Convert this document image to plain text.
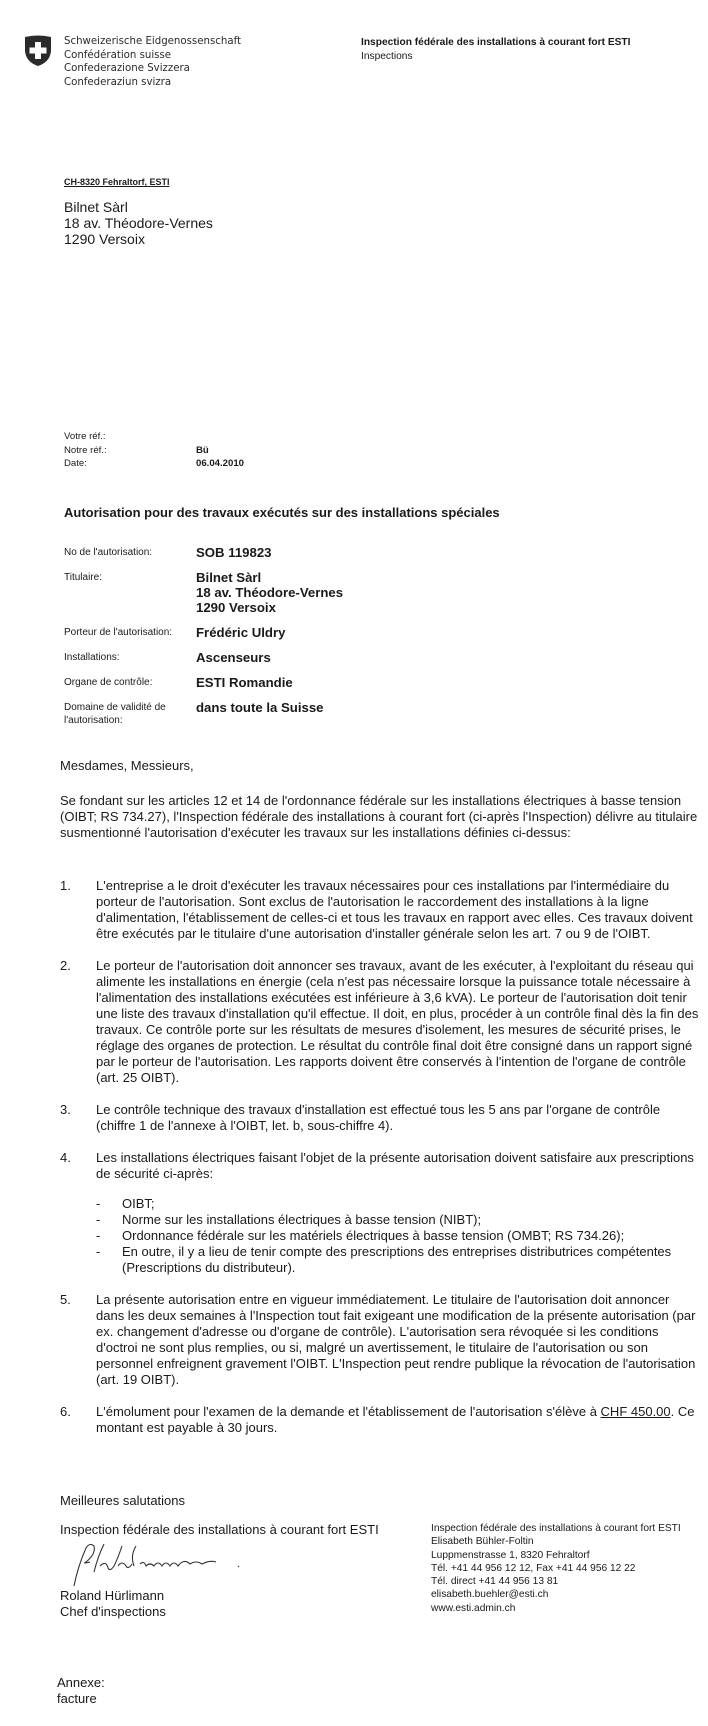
Schweizerische Eidgenossenschaft
Confédération suisse
Confederazione Svizzera
Confederaziun svizra
Inspection fédérale des installations à courant fort ESTI
Inspections
CH-8320 Fehraltorf, ESTI
Bilnet Sàrl
18 av. Théodore-Vernes
1290 Versoix
Votre réf.:
Notre réf.:	Bü
Date:	06.04.2010
Autorisation pour des travaux exécutés sur des installations spéciales
No de l'autorisation:	SOB 119823
Titulaire:	Bilnet Sàrl
18 av. Théodore-Vernes
1290 Versoix
Porteur de l'autorisation:	Frédéric Uldry
Installations:	Ascenseurs
Organe de contrôle:	ESTI Romandie
Domaine de validité de l'autorisation:
dans toute la Suisse
Mesdames, Messieurs,
Se fondant sur les articles 12 et 14 de l'ordonnance fédérale sur les installations électriques à basse tension (OIBT; RS 734.27), l'Inspection fédérale des installations à courant fort (ci-après l'Inspection) délivre au titulaire susmentionné l'autorisation d'exécuter les travaux sur les installations définies ci-dessus:
1.	L'entreprise a le droit d'exécuter les travaux nécessaires pour ces installations par l'intermédiaire du porteur de l'autorisation. Sont exclus de l'autorisation le raccordement des installations à la ligne d'alimentation, l'établissement de celles-ci et tous les travaux en rapport avec elles. Ces travaux doivent être exécutés par le titulaire d'une autorisation d'installer générale selon les art. 7 ou 9 de l'OIBT.
2.	Le porteur de l'autorisation doit annoncer ses travaux, avant de les exécuter, à l'exploitant du réseau qui alimente les installations en énergie (cela n'est pas nécessaire lorsque la puissance totale nécessaire à l'alimentation des installations exécutées est inférieure à 3,6 kVA). Le porteur de l'autorisation doit tenir une liste des travaux d'installation qu'il effectue. Il doit, en plus, procéder à un contrôle final dès la fin des travaux. Ce contrôle porte sur les résultats de mesures d'isolement, les mesures de sécurité prises, le réglage des organes de protection. Le résultat du contrôle final doit être consigné dans un rapport signé par le porteur de l'autorisation. Les rapports doivent être conservés à l'intention de l'organe de contrôle (art. 25 OIBT).
3.	Le contrôle technique des travaux d'installation est effectué tous les 5 ans par l'organe de contrôle (chiffre 1 de l'annexe à l'OIBT, let. b, sous-chiffre 4).
4.	Les installations électriques faisant l'objet de la présente autorisation doivent satisfaire aux prescriptions de sécurité ci-après:
-	OIBT;
-	Norme sur les installations électriques à basse tension (NIBT);
-	Ordonnance fédérale sur les matériels électriques à basse tension (OMBT; RS 734.26);
-	En outre, il y a lieu de tenir compte des prescriptions des entreprises distributrices compétentes (Prescriptions du distributeur).
5.	La présente autorisation entre en vigueur immédiatement. Le titulaire de l'autorisation doit annoncer dans les deux semaines à l'Inspection tout fait exigeant une modification de la présente autorisation (par ex. changement d'adresse ou d'organe de contrôle). L'autorisation sera révoquée si les conditions d'octroi ne sont plus remplies, ou si, malgré un avertissement, le titulaire de l'autorisation ou son personnel enfreignent gravement l'OIBT. L'Inspection peut rendre publique la révocation de l'autorisation (art. 19 OIBT).
6.	L'émolument pour l'examen de la demande et l'établissement de l'autorisation s'élève à CHF 450.00. Ce montant est payable à 30 jours.
Meilleures salutations
Inspection fédérale des installations à courant fort ESTI
Roland Hürlimann
Chef d'inspections
Inspection fédérale des installations à courant fort ESTI
Elisabeth Bühler-Foltin
Luppmenstrasse 1, 8320 Fehraltorf
Tél. +41 44 956 12 12, Fax +41 44 956 12 22
Tél. direct +41 44 956 13 81
elisabeth.buehler@esti.ch
www.esti.admin.ch
Annexe:
facture
